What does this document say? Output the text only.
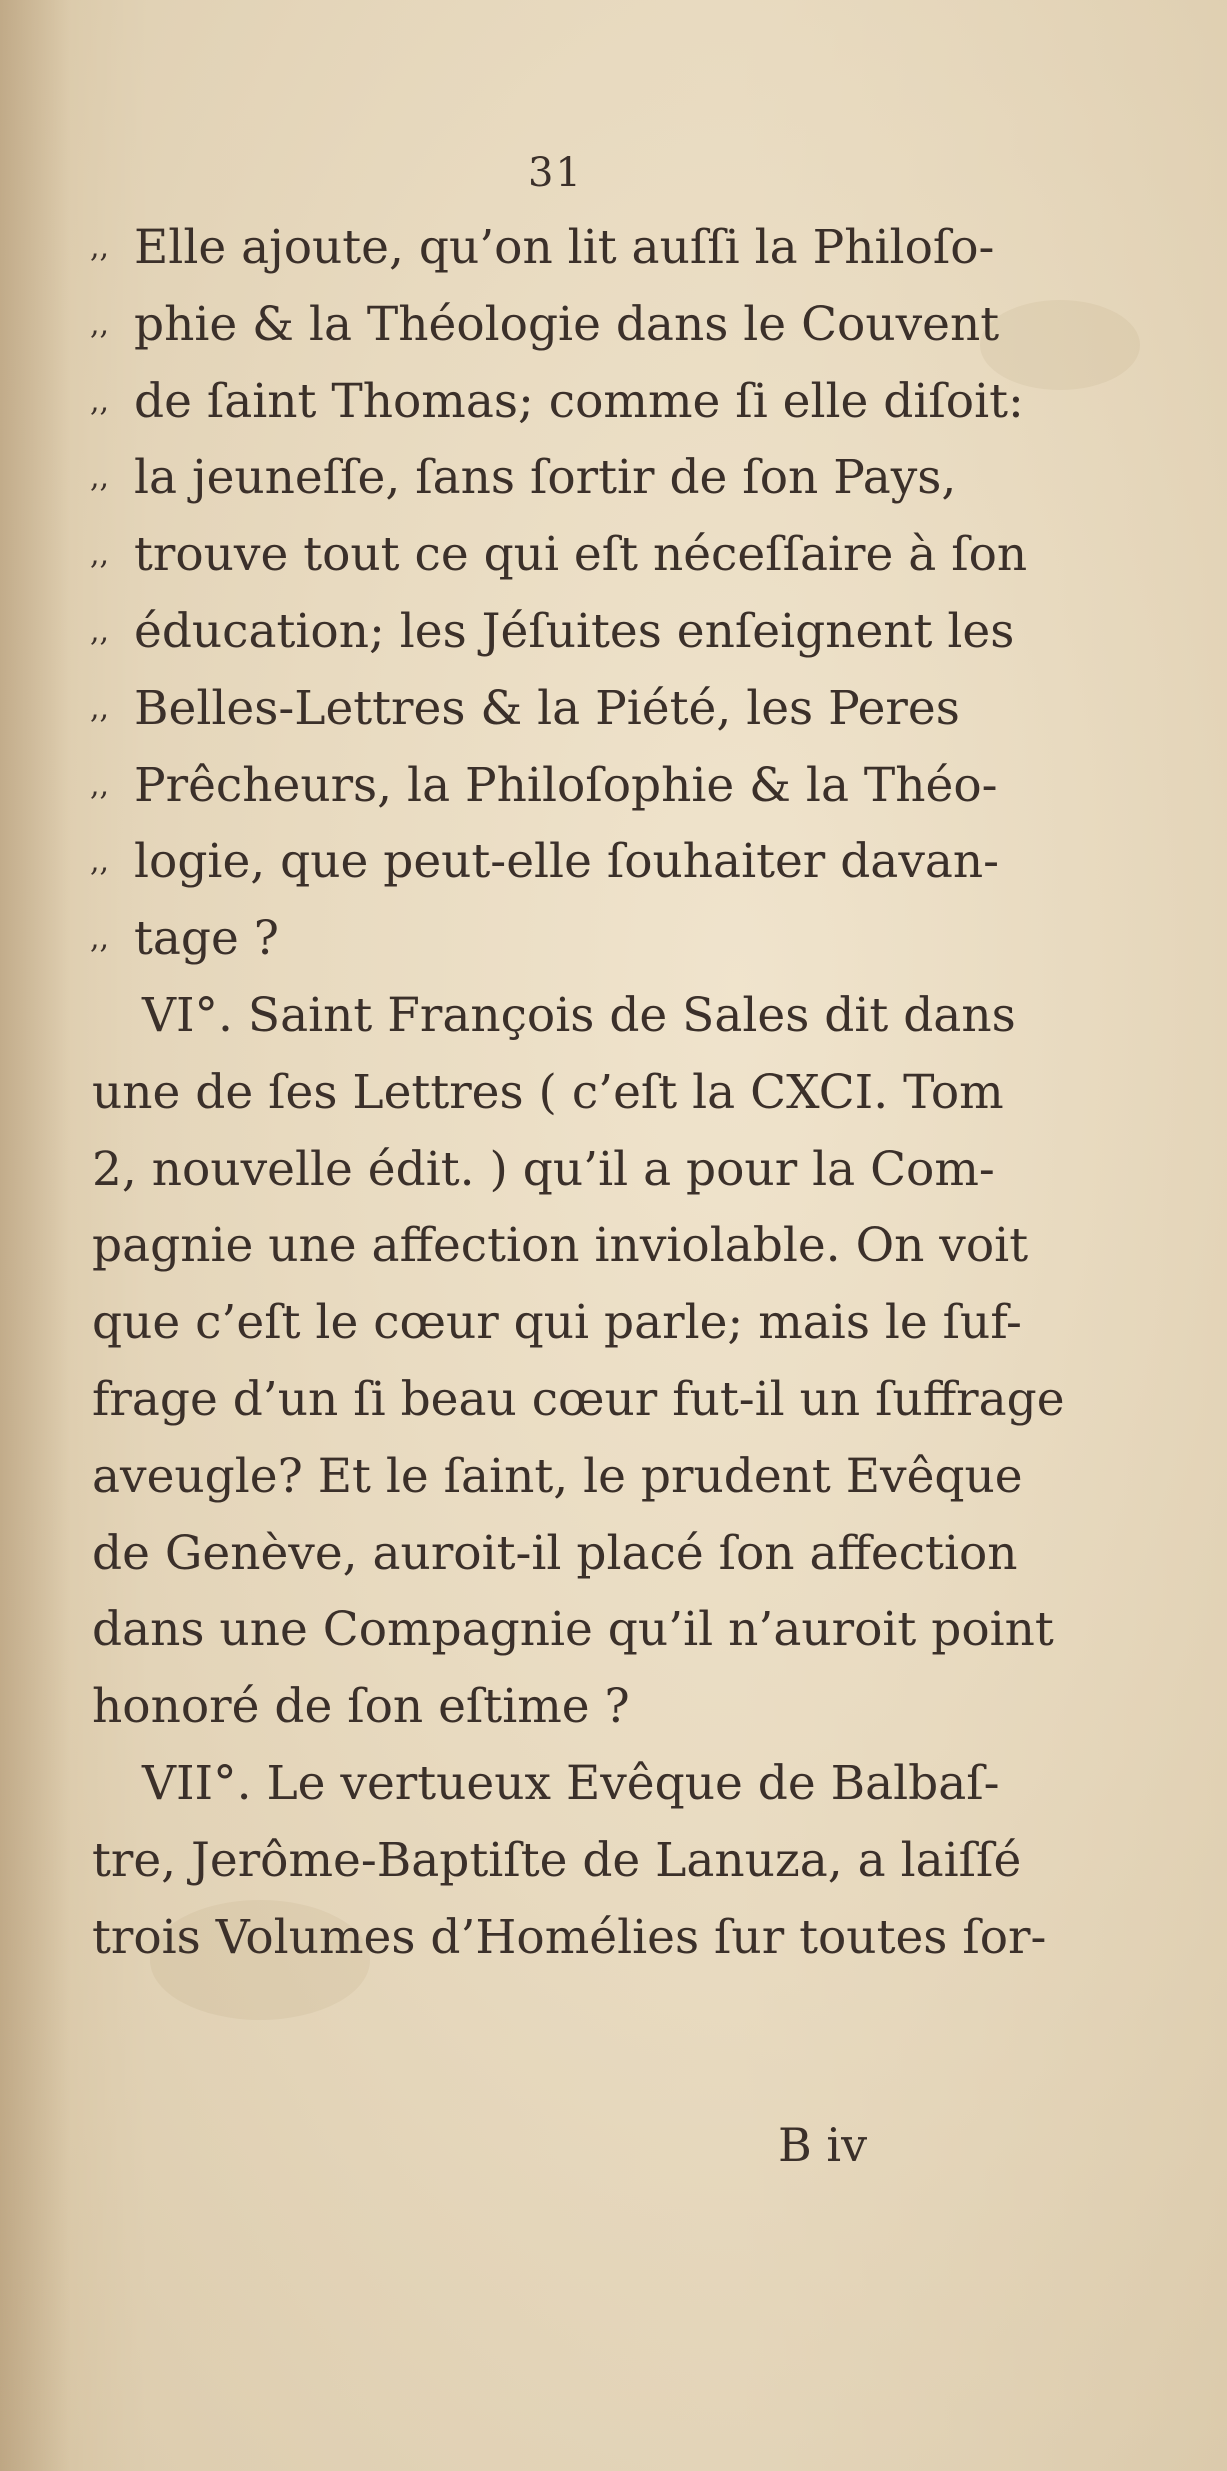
31
,, Elle ajoute, qu’on lit auſſi la Philoſo-
,, phie & la Théologie dans le Couvent
,, de ſaint Thomas; comme ſi elle diſoit:
,, la jeuneſſe, ſans ſortir de ſon Pays,
,, trouve tout ce qui eſt néceſſaire à ſon
,, éducation; les Jéſuites enſeignent les
,, Belles-Lettres & la Piété, les Peres
,, Prêcheurs, la Philoſophie & la Théo-
,, logie, que peut-elle ſouhaiter davan-
,, tage ?
VI°. Saint François de Sales dit dans
une de ſes Lettres ( c’eſt la CXCI. Tom
2, nouvelle édit. ) qu’il a pour la Com-
pagnie une affection inviolable. On voit
que c’eſt le cœur qui parle; mais le ſuf-
frage d’un ſi beau cœur fut-il un ſuffrage
aveugle? Et le ſaint, le prudent Evêque
de Genève, auroit-il placé ſon affection
dans une Compagnie qu’il n’auroit point
honoré de ſon eſtime ?
VII°. Le vertueux Evêque de Balbaſ-
tre, Jerôme-Baptiſte de Lanuza, a laiſſé
trois Volumes d’Homélies ſur toutes ſor-
B iv
